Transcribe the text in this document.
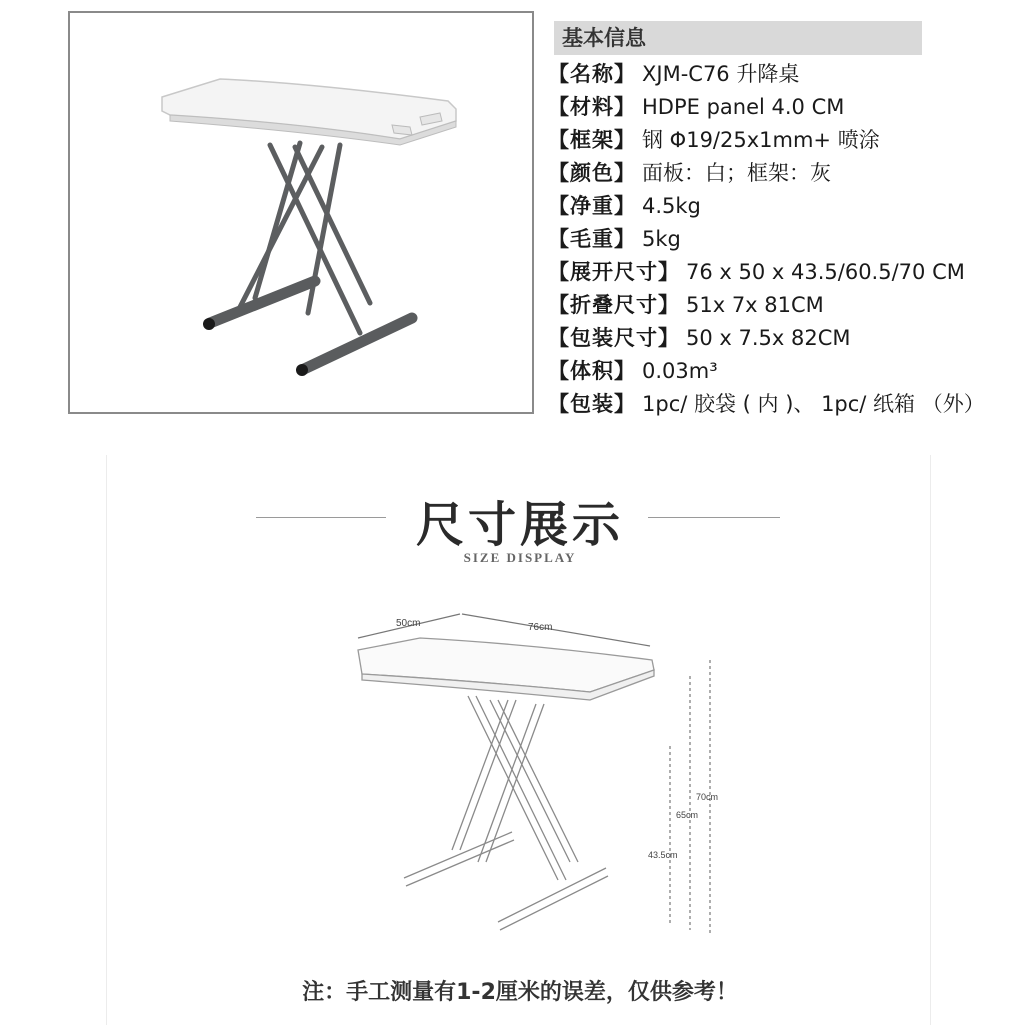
基本信息
【名称】 XJM-C76 升降桌
【材料】 HDPE panel 4.0 CM
【框架】 钢 Φ19/25x1mm+ 喷涂
【颜色】 面板：白；框架：灰
【净重】 4.5kg
【毛重】 5kg
【展开尺寸】 76 x 50 x 43.5/60.5/70 CM
【折叠尺寸】 51x 7x 81CM
【包装尺寸】 50 x 7.5x 82CM
【体积】 0.03m³
【包装】 1pc/ 胶袋 ( 内 )、 1pc/ 纸箱 （外）
尺寸展示
SIZE DISPLAY
50cm	76cm
70cm
65cm
43.5cm
注：手工测量有1-2厘米的误差，仅供参考！
